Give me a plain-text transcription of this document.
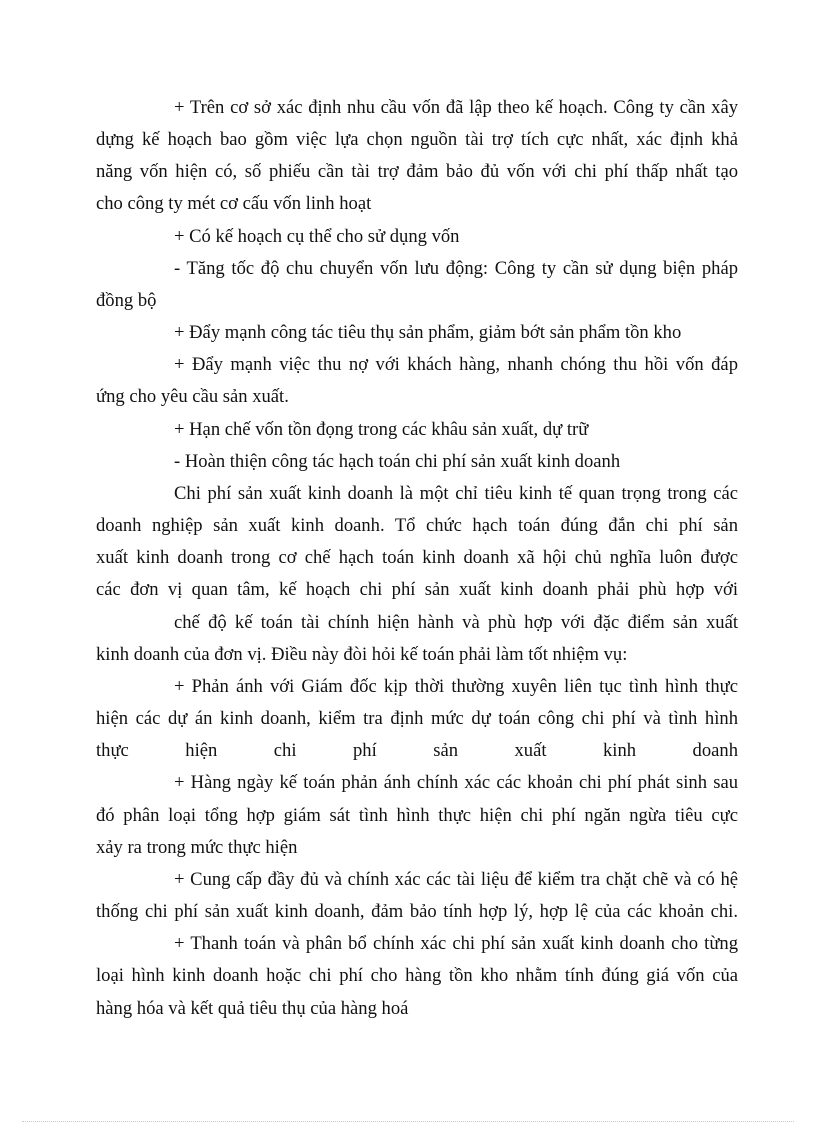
+ Trên cơ sở xác định nhu cầu vốn đã lập theo kế hoạch. Công ty cần xây
dựng kế hoạch bao gồm việc lựa chọn nguồn tài trợ tích cực nhất, xác định khả
năng vốn hiện có, số phiếu cần tài trợ đảm bảo đủ vốn với chi phí thấp nhất tạo
cho công ty mét cơ cấu vốn linh hoạt
+ Có kế hoạch cụ thể cho sử dụng vốn
- Tăng tốc độ chu chuyển vốn lưu động: Công ty cần sử dụng biện pháp
đồng bộ
+ Đẩy mạnh công tác tiêu thụ sản phẩm, giảm bớt sản phẩm tồn kho
+ Đẩy mạnh việc thu nợ với khách hàng, nhanh chóng thu hồi vốn đáp
ứng cho yêu cầu sản xuất.
+ Hạn chế vốn tồn đọng trong các khâu sản xuất, dự trữ
- Hoàn thiện công tác hạch toán chi phí sản xuất kinh doanh
Chi phí sản xuất kinh doanh là một chỉ tiêu kinh tế quan trọng trong các
doanh nghiệp sản xuất kinh doanh. Tổ chức hạch toán đúng đắn chi phí sản
xuất kinh doanh trong cơ chế hạch toán kinh doanh xã hội chủ nghĩa luôn được
các đơn vị quan tâm, kế hoạch chi phí sản xuất kinh doanh phải phù hợp với
chế độ kế toán tài chính hiện hành và phù hợp với đặc điểm sản xuất
kinh doanh của đơn vị. Điều này đòi hỏi kế toán phải làm tốt nhiệm vụ:
+ Phản ánh với Giám đốc kịp thời thường xuyên liên tục tình hình thực
hiện các dự án kinh doanh, kiểm tra định mức dự toán công chi phí và tình hình
thực hiện chi phí sản xuất kinh doanh
+ Hàng ngày kế toán phản ánh chính xác các khoản chi phí phát sinh sau
đó phân loại tổng hợp giám sát tình hình thực hiện chi phí ngăn ngừa tiêu cực
xảy ra trong mức thực hiện
+ Cung cấp đầy đủ và chính xác các tài liệu để kiểm tra chặt chẽ và có hệ
thống chi phí sản xuất kinh doanh, đảm bảo tính hợp lý, hợp lệ của các khoản chi.
+ Thanh toán và phân bổ chính xác chi phí sản xuất kinh doanh cho từng
loại hình kinh doanh hoặc chi phí cho hàng tồn kho nhằm tính đúng giá vốn của
hàng hóa và kết quả tiêu thụ của hàng hoá
